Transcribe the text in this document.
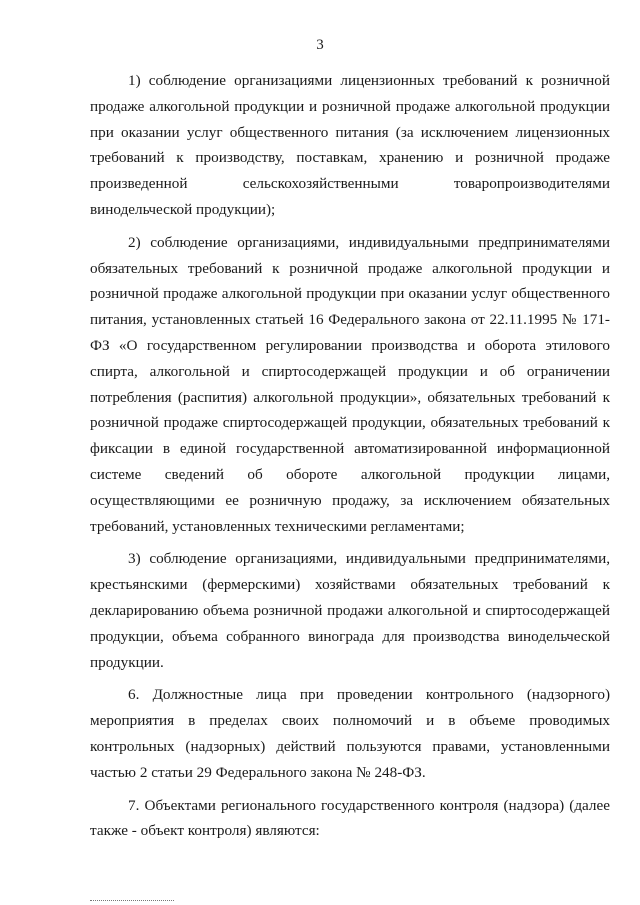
3

1) соблюдение организациями лицензионных требований к розничной продаже алкогольной продукции и розничной продаже алкогольной продукции при оказании услуг общественного питания (за исключением лицензионных требований к производству, поставкам, хранению и розничной продаже произведенной сельскохозяйственными товаропроизводителями винодельческой продукции);

2) соблюдение организациями, индивидуальными предпринимателями обязательных требований к розничной продаже алкогольной продукции и розничной продаже алкогольной продукции при оказании услуг общественного питания, установленных статьей 16 Федерального закона от 22.11.1995 № 171-ФЗ «О государственном регулировании производства и оборота этилового спирта, алкогольной и спиртосодержащей продукции и об ограничении потребления (распития) алкогольной продукции», обязательных требований к розничной продаже спиртосодержащей продукции, обязательных требований к фиксации в единой государственной автоматизированной информационной системе сведений об обороте алкогольной продукции лицами, осуществляющими ее розничную продажу, за исключением обязательных требований, установленных техническими регламентами;

3) соблюдение организациями, индивидуальными предпринимателями, крестьянскими (фермерскими) хозяйствами обязательных требований к декларированию объема розничной продажи алкогольной и спиртосодержащей продукции, объема собранного винограда для производства винодельческой продукции.

6. Должностные лица при проведении контрольного (надзорного) мероприятия в пределах своих полномочий и в объеме проводимых контрольных (надзорных) действий пользуются правами, установленными частью 2 статьи 29 Федерального закона № 248-ФЗ.

7. Объектами регионального государственного контроля (надзора) (далее также - объект контроля) являются:
